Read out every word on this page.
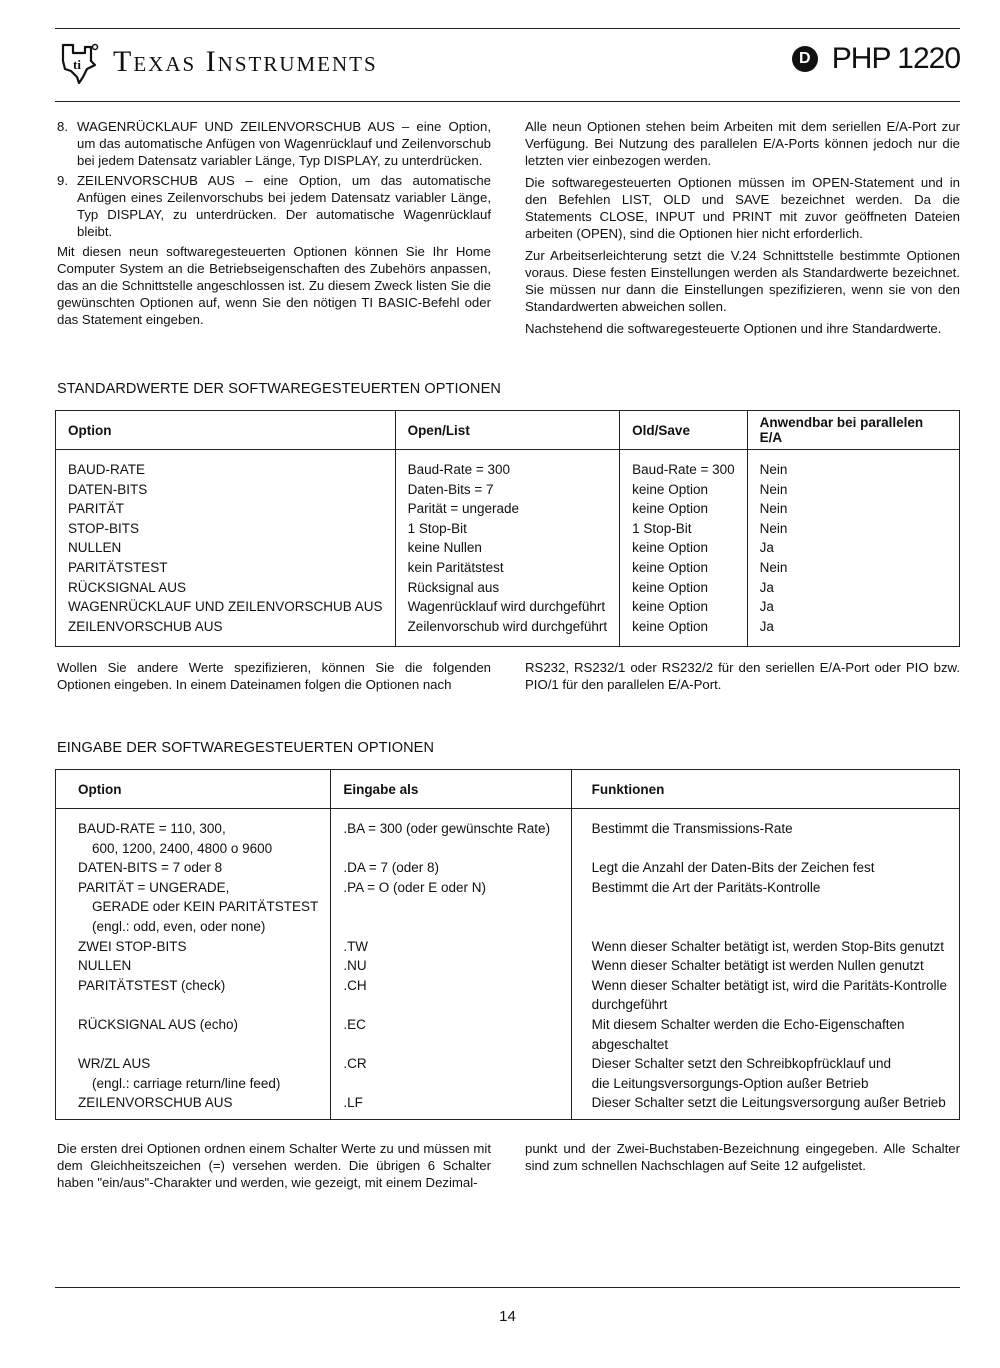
ti Texas Instruments	D PHP 1220
8. WAGENRÜCKLAUF UND ZEILENVORSCHUB AUS – eine Option, um das automatische Anfügen von Wagenrücklauf und Zeilenvorschub bei jedem Datensatz variabler Länge, Typ DISPLAY, zu unterdrücken.
9. ZEILENVORSCHUB AUS – eine Option, um das automatische Anfügen eines Zeilenvorschubs bei jedem Datensatz variabler Länge, Typ DISPLAY, zu unterdrücken. Der automatische Wagenrücklauf bleibt.

Mit diesen neun softwaregesteuerten Optionen können Sie Ihr Home Computer System an die Betriebseigenschaften des Zubehörs anpassen, das an die Schnittstelle angeschlossen ist. Zu diesem Zweck listen Sie die gewünschten Optionen auf, wenn Sie den nötigen TI BASIC-Befehl oder das Statement eingeben.

Alle neun Optionen stehen beim Arbeiten mit dem seriellen E/A-Port zur Verfügung. Bei Nutzung des parallelen E/A-Ports können jedoch nur die letzten vier einbezogen werden.

Die softwaregesteuerten Optionen müssen im OPEN-Statement und in den Befehlen LIST, OLD und SAVE bezeichnet werden. Da die Statements CLOSE, INPUT und PRINT mit zuvor geöffneten Dateien arbeiten (OPEN), sind die Optionen hier nicht erforderlich.

Zur Arbeitserleichterung setzt die V.24 Schnittstelle bestimmte Optionen voraus. Diese festen Einstellungen werden als Standardwerte bezeichnet. Sie müssen nur dann die Einstellungen spezifizieren, wenn sie von den Standardwerten abweichen sollen.

Nachstehend die softwaregesteuerte Optionen und ihre Standardwerte.

STANDARDWERTE DER SOFTWAREGESTEUERTEN OPTIONEN
Option	Open/List	Old/Save	Anwendbar bei parallelen E/A

BAUD-RATE	Baud-Rate = 300	Baud-Rate = 300	Nein
DATEN-BITS	Daten-Bits = 7	keine Option	Nein
PARITÄT	Parität = ungerade	keine Option	Nein
STOP-BITS	1 Stop-Bit	1 Stop-Bit	Nein
NULLEN	keine Nullen	keine Option	Ja
PARITÄTSTEST	kein Paritätstest	keine Option	Nein
RÜCKSIGNAL AUS	Rücksignal aus	keine Option	Ja
WAGENRÜCKLAUF UND ZEILENVORSCHUB AUS	Wagenrücklauf wird durchgeführt	keine Option	Ja
ZEILENVORSCHUB AUS	Zeilenvorschub wird durchgeführt	keine Option	Ja

Wollen Sie andere Werte spezifizieren, können Sie die folgenden Optionen eingeben. In einem Dateinamen folgen die Optionen nach

RS232, RS232/1 oder RS232/2 für den seriellen E/A-Port oder PIO bzw. PIO/1 für den parallelen E/A-Port.

EINGABE DER SOFTWAREGESTEUERTEN OPTIONEN
Option	Eingabe als	Funktionen

BAUD-RATE = 110, 300,	.BA = 300 (oder gewünschte Rate)	Bestimmt die Transmissions-Rate

600, 1200, 2400, 4800 o 9600		

DATEN-BITS = 7 oder 8	.DA = 7 (oder 8)	Legt die Anzahl der Daten-Bits der Zeichen fest
PARITÄT = UNGERADE,	.PA = O (oder E oder N)	Bestimmt die Art der Paritäts-Kontrolle

GERADE oder KEIN PARITÄTSTEST		

(engl.: odd, even, oder none)		

ZWEI STOP-BITS	.TW	Wenn dieser Schalter betätigt ist, werden Stop-Bits genutzt
NULLEN	.NU	Wenn dieser Schalter betätigt ist werden Nullen genutzt
PARITÄTSTEST (check)	.CH	Wenn dieser Schalter betätigt ist, wird die Paritäts-Kontrolle
		durchgeführt
RÜCKSIGNAL AUS (echo)	.EC	Mit diesem Schalter werden die Echo-Eigenschaften
		abgeschaltet
WR/ZL AUS	.CR	Dieser Schalter setzt den Schreibkopfrücklauf und

(engl.: carriage return/line feed)		die Leitungsversorgungs-Option außer Betrieb
ZEILENVORSCHUB AUS	.LF	Dieser Schalter setzt die Leitungsversorgung außer Betrieb

Die ersten drei Optionen ordnen einem Schalter Werte zu und müssen mit dem Gleichheitszeichen (=) versehen werden. Die übrigen 6 Schalter haben "ein/aus"-Charakter und werden, wie gezeigt, mit einem Dezimal-

punkt und der Zwei-Buchstaben-Bezeichnung eingegeben. Alle Schalter sind zum schnellen Nachschlagen auf Seite 12 aufgelistet.

14
